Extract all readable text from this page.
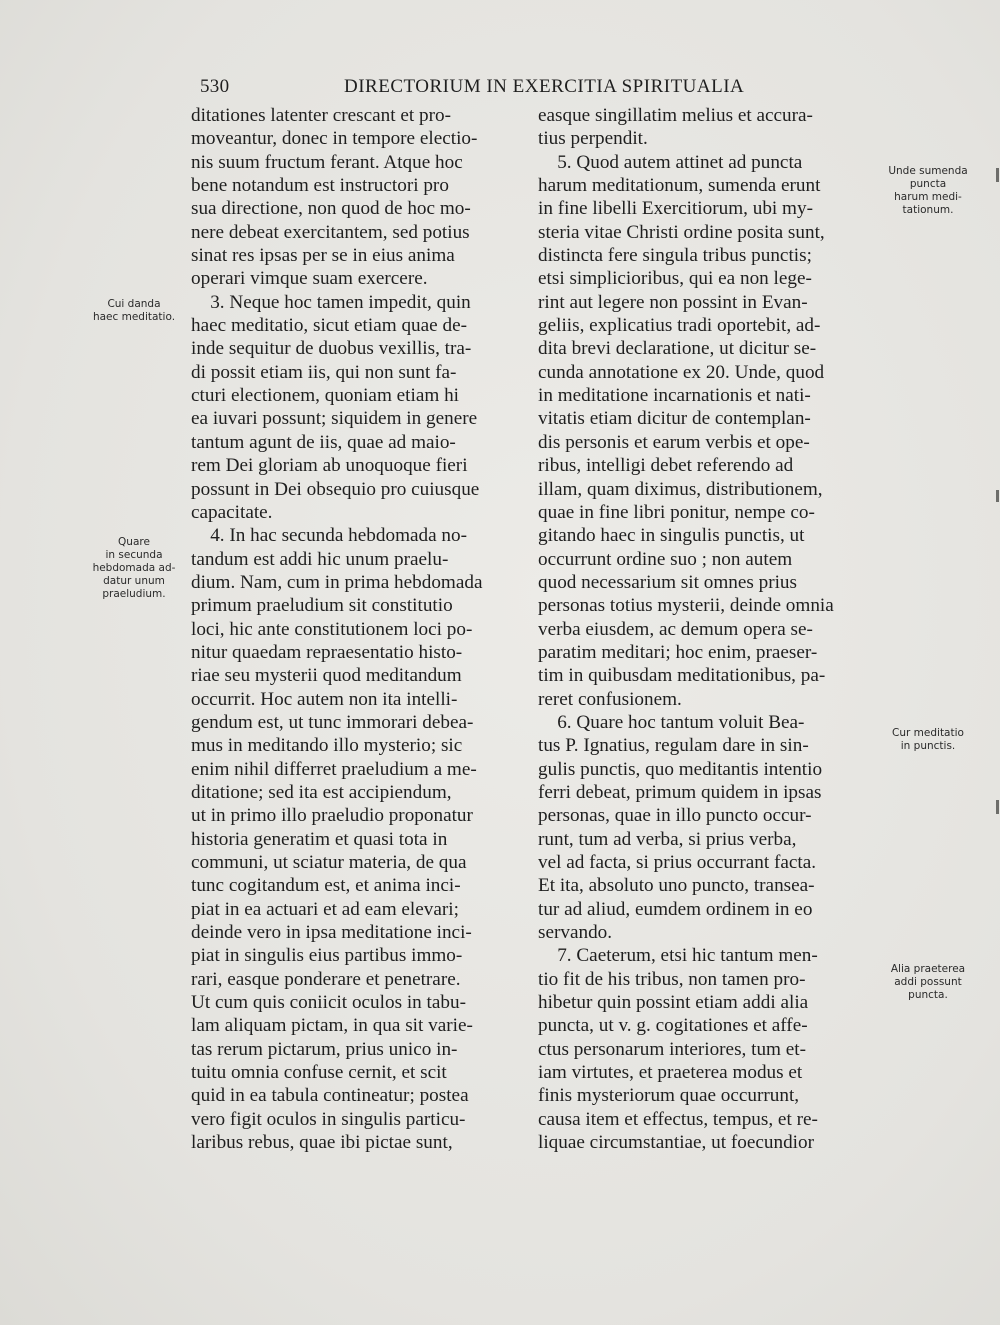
530	DIRECTORIUM IN EXERCITIA SPIRITUALIA
ditationes latenter crescant et pro-
moveantur, donec in tempore electio-
nis suum fructum ferant. Atque hoc
bene notandum est instructori pro
sua directione, non quod de hoc mo-
nere debeat exercitantem, sed potius
sinat res ipsas per se in eius anima
operari vimque suam exercere.
3. Neque hoc tamen impedit, quin
haec meditatio, sicut etiam quae de-
inde sequitur de duobus vexillis, tra-
di possit etiam iis, qui non sunt fa-
cturi electionem, quoniam etiam hi
ea iuvari possunt; siquidem in genere
tantum agunt de iis, quae ad maio-
rem Dei gloriam ab unoquoque fieri
possunt in Dei obsequio pro cuiusque
capacitate.
4. In hac secunda hebdomada no-
tandum est addi hic unum praelu-
dium. Nam, cum in prima hebdomada
primum praeludium sit constitutio
loci, hic ante constitutionem loci po-
nitur quaedam repraesentatio histo-
riae seu mysterii quod meditandum
occurrit. Hoc autem non ita intelli-
gendum est, ut tunc immorari debea-
mus in meditando illo mysterio; sic
enim nihil differret praeludium a me-
ditatione; sed ita est accipiendum,
ut in primo illo praeludio proponatur
historia generatim et quasi tota in
communi, ut sciatur materia, de qua
tunc cogitandum est, et anima inci-
piat in ea actuari et ad eam elevari;
deinde vero in ipsa meditatione inci-
piat in singulis eius partibus immo-
rari, easque ponderare et penetrare.
Ut cum quis coniicit oculos in tabu-
lam aliquam pictam, in qua sit varie-
tas rerum pictarum, prius unico in-
tuitu omnia confuse cernit, et scit
quid in ea tabula contineatur; postea
vero figit oculos in singulis particu-
laribus rebus, quae ibi pictae sunt,
easque singillatim melius et accura-
tius perpendit.
5. Quod autem attinet ad puncta
harum meditationum, sumenda erunt
in fine libelli Exercitiorum, ubi my-
steria vitae Christi ordine posita sunt,
distincta fere singula tribus punctis;
etsi simplicioribus, qui ea non lege-
rint aut legere non possint in Evan-
geliis, explicatius tradi oportebit, ad-
dita brevi declaratione, ut dicitur se-
cunda annotatione ex 20. Unde, quod
in meditatione incarnationis et nati-
vitatis etiam dicitur de contemplan-
dis personis et earum verbis et ope-
ribus, intelligi debet referendo ad
illam, quam diximus, distributionem,
quae in fine libri ponitur, nempe co-
gitando haec in singulis punctis, ut
occurrunt ordine suo ; non autem
quod necessarium sit omnes prius
personas totius mysterii, deinde omnia
verba eiusdem, ac demum opera se-
paratim meditari; hoc enim, praeser-
tim in quibusdam meditationibus, pa-
reret confusionem.
6. Quare hoc tantum voluit Bea-
tus P. Ignatius, regulam dare in sin-
gulis punctis, quo meditantis intentio
ferri debeat, primum quidem in ipsas
personas, quae in illo puncto occur-
runt, tum ad verba, si prius verba,
vel ad facta, si prius occurrant facta.
Et ita, absoluto uno puncto, transea-
tur ad aliud, eumdem ordinem in eo
servando.
7. Caeterum, etsi hic tantum men-
tio fit de his tribus, non tamen pro-
hibetur quin possint etiam addi alia
puncta, ut v. g. cogitationes et affe-
ctus personarum interiores, tum et-
iam virtutes, et praeterea modus et
finis mysteriorum quae occurrunt,
causa item et effectus, tempus, et re-
liquae circumstantiae, ut foecundior
Cui danda
haec meditatio.
Quare
in secunda
hebdomada ad-
datur unum
praeludium.
Unde sumenda
puncta
harum medi-
tationum.
Cur meditatio
in punctis.
Alia praeterea
addi possunt
puncta.
